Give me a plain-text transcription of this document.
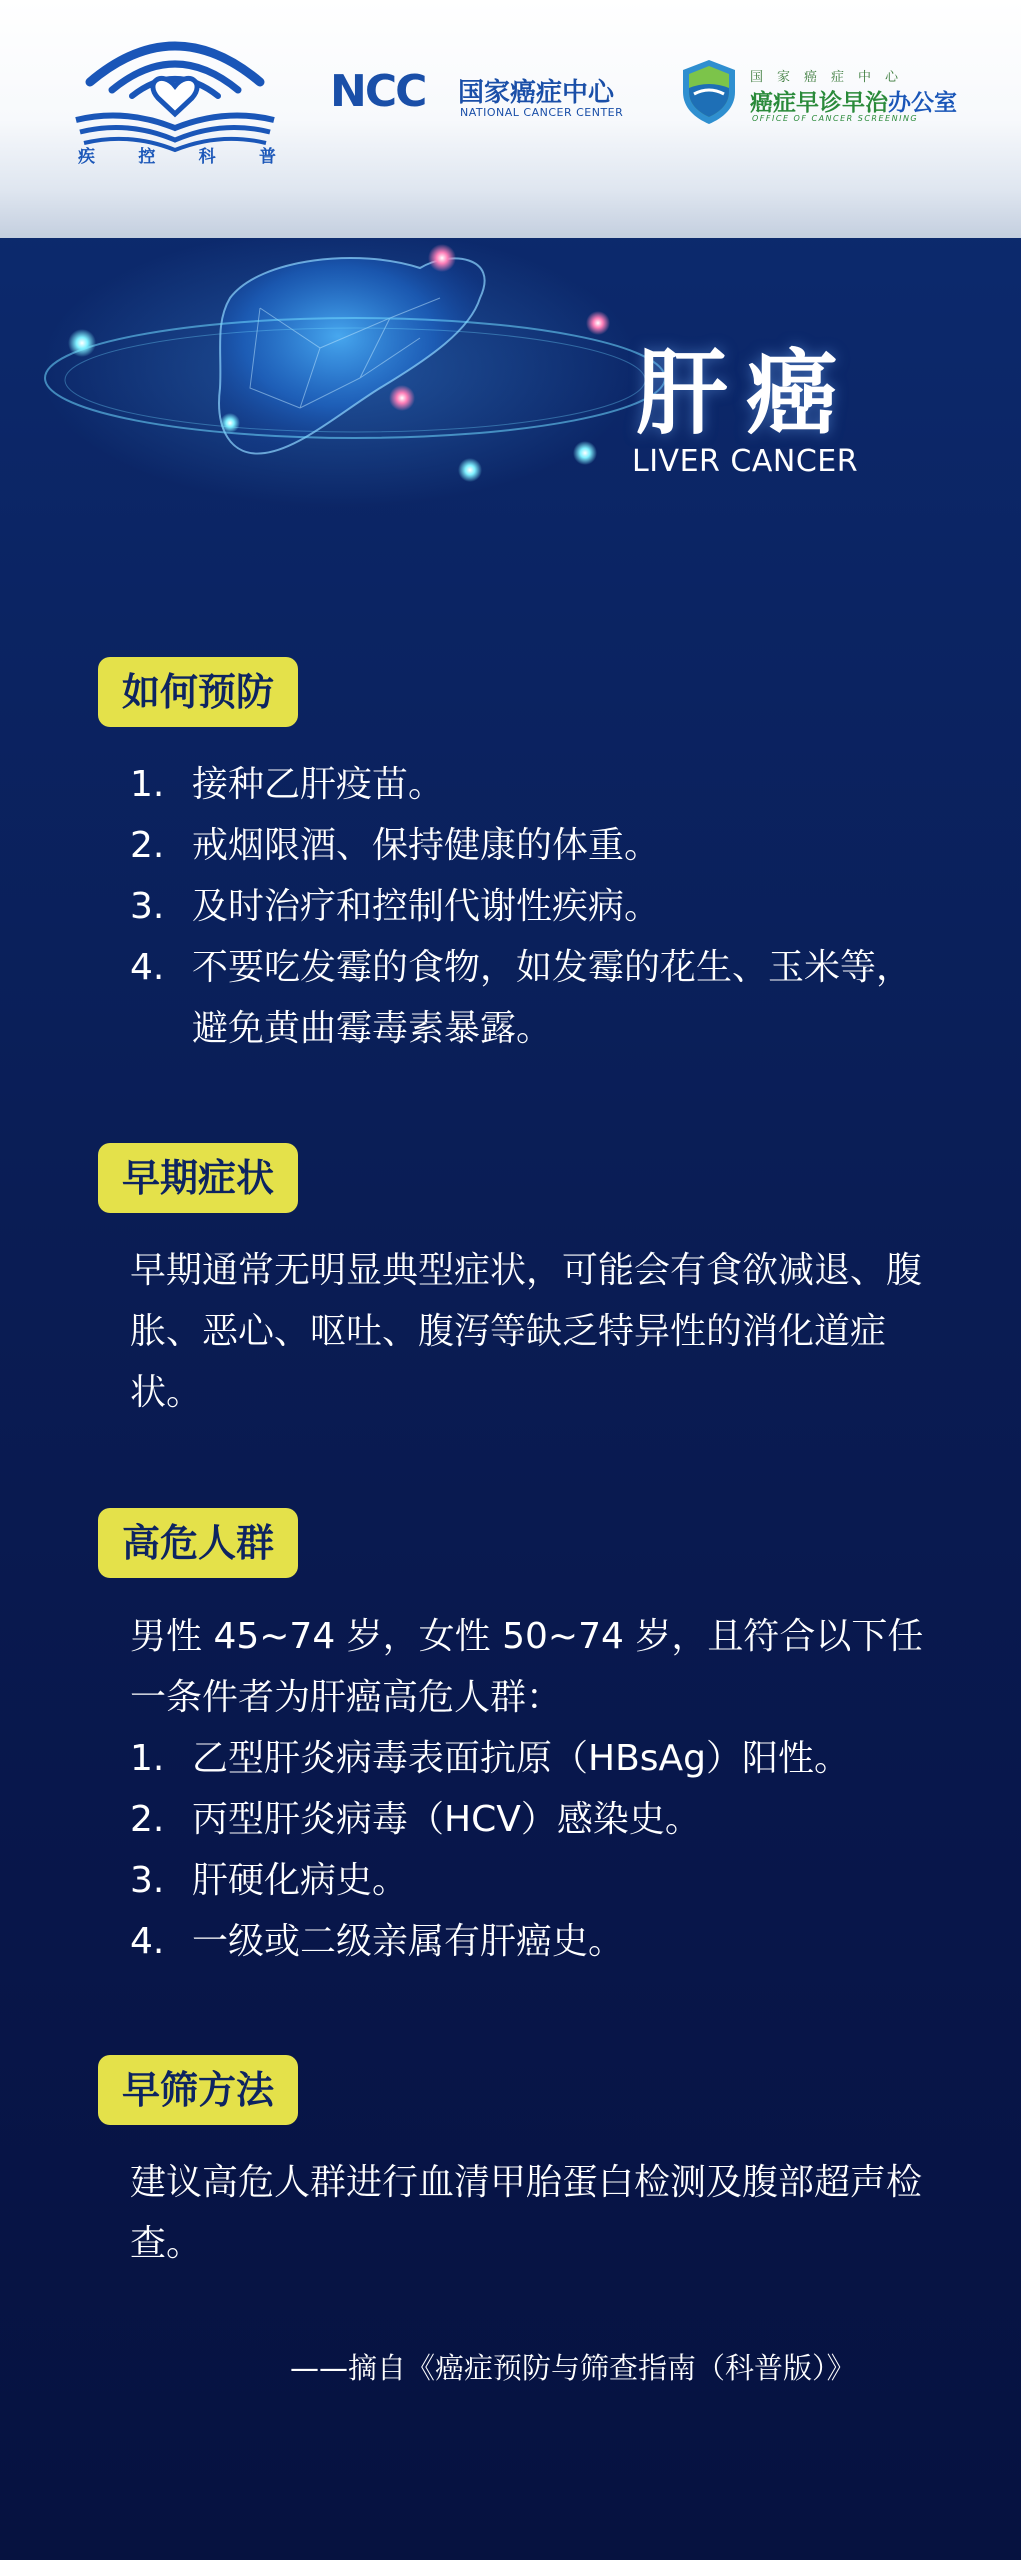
疾 控 科 普
NCC 国家癌症中心
NATIONAL CANCER CENTER
国家癌症中心
癌症早诊早治办公室
OFFICE OF CANCER SCREENING
肝癌
LIVER CANCER
如何预防
1. 接种乙肝疫苗。
2. 戒烟限酒、保持健康的体重。
3. 及时治疗和控制代谢性疾病。
4. 不要吃发霉的食物，如发霉的花生、玉米等，避免黄曲霉毒素暴露。
早期症状
早期通常无明显典型症状，可能会有食欲减退、腹胀、恶心、呕吐、腹泻等缺乏特异性的消化道症状。
高危人群
男性 45~74 岁，女性 50~74 岁，且符合以下任一条件者为肝癌高危人群：
1. 乙型肝炎病毒表面抗原（HBsAg）阳性。
2. 丙型肝炎病毒（HCV）感染史。
3. 肝硬化病史。
4. 一级或二级亲属有肝癌史。
早筛方法
建议高危人群进行血清甲胎蛋白检测及腹部超声检查。
——摘自《癌症预防与筛查指南（科普版）》
